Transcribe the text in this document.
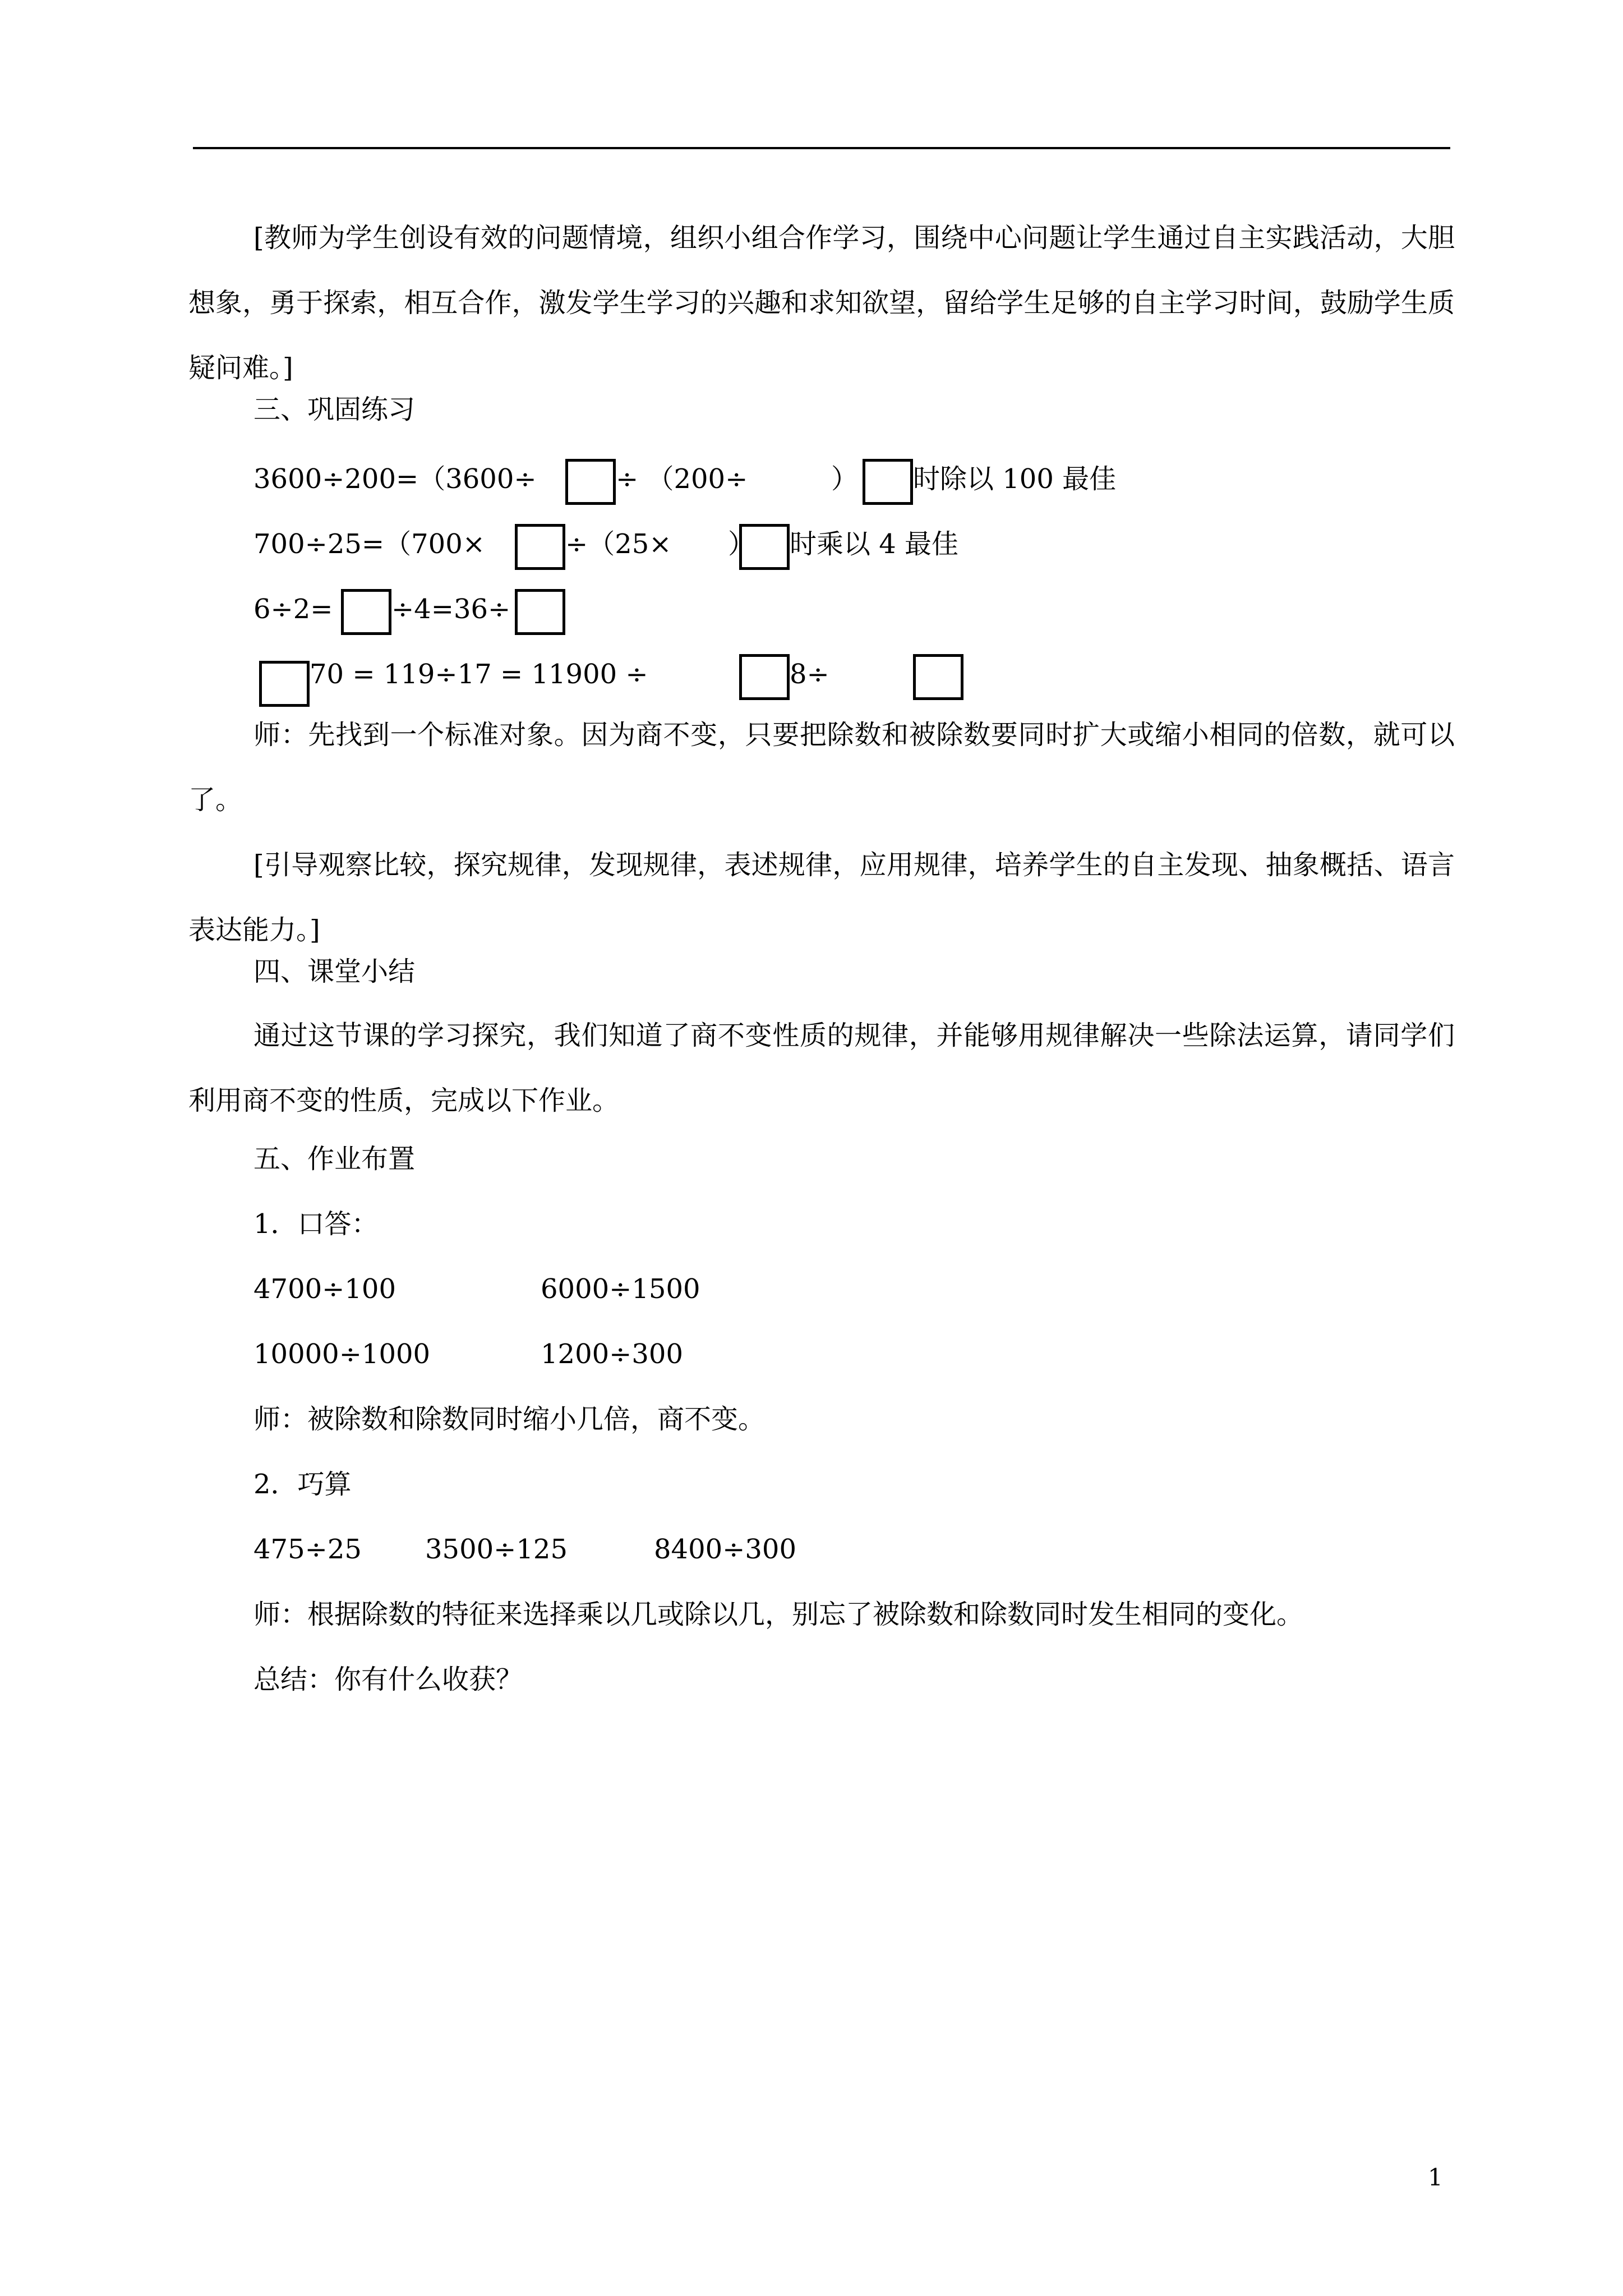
[教师为学生创设有效的问题情境，组织小组合作学习，围绕中心问题让学生通过自主实践活动，大胆想象，勇于探索，相互合作，激发学生学习的兴趣和求知欲望，留给学生足够的自主学习时间，鼓励学生质疑问难。]
三、巩固练习
3600÷200=（3600÷	÷ （200÷	） 时除以 100 最佳
700÷25=（700×	÷（25× ） 时乘以 4 最佳
6÷2= ÷4=36÷
70 = 119÷17 = 11900 ÷	8÷
师：先找到一个标准对象。因为商不变，只要把除数和被除数要同时扩大或缩小相同的倍数，就可以了。
[引导观察比较，探究规律，发现规律，表述规律，应用规律，培养学生的自主发现、抽象概括、语言表达能力。]
四、课堂小结
通过这节课的学习探究，我们知道了商不变性质的规律，并能够用规律解决一些除法运算，请同学们利用商不变的性质，完成以下作业。
五、作业布置
1．口答：
4700÷100	6000÷1500
10000÷1000	1200÷300
师：被除数和除数同时缩小几倍，商不变。
2．巧算
475÷25 3500÷125	8400÷300
师：根据除数的特征来选择乘以几或除以几，别忘了被除数和除数同时发生相同的变化。
总结：你有什么收获？
1
